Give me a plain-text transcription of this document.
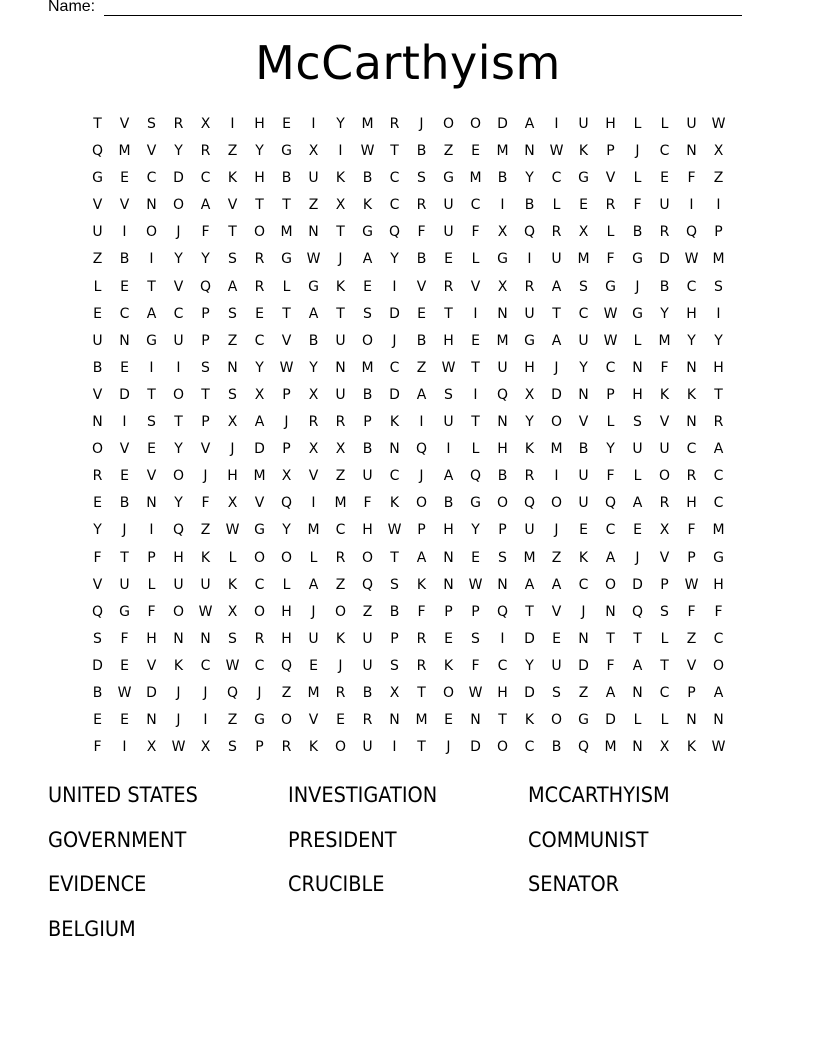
Name:
McCarthyism
T	V	S	R	X	I	H	E	I	Y	M	R	J	O	O	D	A	I	U	H	L	L	U	W
Q	M	V	Y	R	Z	Y	G	X	I	W	T	B	Z	E	M	N	W	K	P	J	C	N	X
G	E	C	D	C	K	H	B	U	K	B	C	S	G	M	B	Y	C	G	V	L	E	F	Z
V	V	N	O	A	V	T	T	Z	X	K	C	R	U	C	I	B	L	E	R	F	U	I	I
U	I	O	J	F	T	O	M	N	T	G	Q	F	U	F	X	Q	R	X	L	B	R	Q	P
Z	B	I	Y	Y	S	R	G	W	J	A	Y	B	E	L	G	I	U	M	F	G	D	W	M
L	E	T	V	Q	A	R	L	G	K	E	I	V	R	V	X	R	A	S	G	J	B	C	S
E	C	A	C	P	S	E	T	A	T	S	D	E	T	I	N	U	T	C	W	G	Y	H	I
U	N	G	U	P	Z	C	V	B	U	O	J	B	H	E	M	G	A	U	W	L	M	Y	Y
B	E	I	I	S	N	Y	W	Y	N	M	C	Z	W	T	U	H	J	Y	C	N	F	N	H
V	D	T	O	T	S	X	P	X	U	B	D	A	S	I	Q	X	D	N	P	H	K	K	T
N	I	S	T	P	X	A	J	R	R	P	K	I	U	T	N	Y	O	V	L	S	V	N	R
O	V	E	Y	V	J	D	P	X	X	B	N	Q	I	L	H	K	M	B	Y	U	U	C	A
R	E	V	O	J	H	M	X	V	Z	U	C	J	A	Q	B	R	I	U	F	L	O	R	C
E	B	N	Y	F	X	V	Q	I	M	F	K	O	B	G	O	Q	O	U	Q	A	R	H	C
Y	J	I	Q	Z	W	G	Y	M	C	H	W	P	H	Y	P	U	J	E	C	E	X	F	M
F	T	P	H	K	L	O	O	L	R	O	T	A	N	E	S	M	Z	K	A	J	V	P	G
V	U	L	U	U	K	C	L	A	Z	Q	S	K	N	W	N	A	A	C	O	D	P	W	H
Q	G	F	O	W	X	O	H	J	O	Z	B	F	P	P	Q	T	V	J	N	Q	S	F	F
S	F	H	N	N	S	R	H	U	K	U	P	R	E	S	I	D	E	N	T	T	L	Z	C
D	E	V	K	C	W	C	Q	E	J	U	S	R	K	F	C	Y	U	D	F	A	T	V	O
B	W	D	J	J	Q	J	Z	M	R	B	X	T	O	W	H	D	S	Z	A	N	C	P	A
E	E	N	J	I	Z	G	O	V	E	R	N	M	E	N	T	K	O	G	D	L	L	N	N
F	I	X	W	X	S	P	R	K	O	U	I	T	J	D	O	C	B	Q	M	N	X	K	W
UNITED STATES	INVESTIGATION	MCCARTHYISM
GOVERNMENT	PRESIDENT	COMMUNIST
EVIDENCE	CRUCIBLE	SENATOR
BELGIUM
